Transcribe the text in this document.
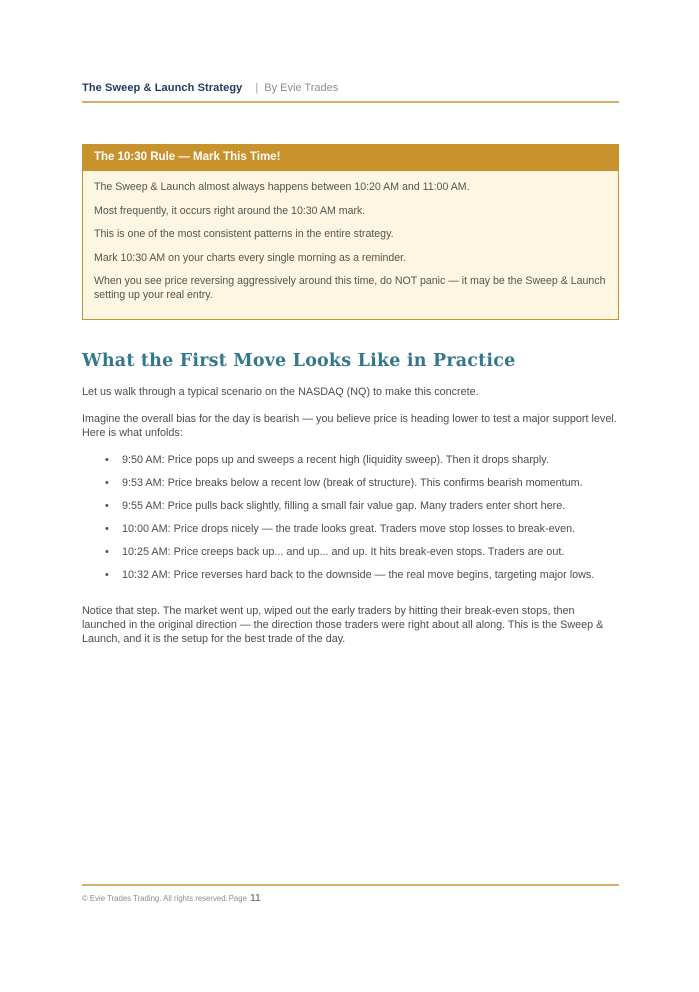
The Sweep & Launch Strategy | By Evie Trades
The 10:30 Rule — Mark This Time!

The Sweep & Launch almost always happens between 10:20 AM and 11:00 AM.

Most frequently, it occurs right around the 10:30 AM mark.

This is one of the most consistent patterns in the entire strategy.

Mark 10:30 AM on your charts every single morning as a reminder.

When you see price reversing aggressively around this time, do NOT panic — it may be the Sweep & Launch setting up your real entry.

What the First Move Looks Like in Practice

Let us walk through a typical scenario on the NASDAQ (NQ) to make this concrete.

Imagine the overall bias for the day is bearish — you believe price is heading lower to test a major support level. Here is what unfolds:

•	9:50 AM: Price pops up and sweeps a recent high (liquidity sweep). Then it drops sharply.
•	9:53 AM: Price breaks below a recent low (break of structure). This confirms bearish momentum.
•	9:55 AM: Price pulls back slightly, filling a small fair value gap. Many traders enter short here.
•	10:00 AM: Price drops nicely — the trade looks great. Traders move stop losses to break-even.
•	10:25 AM: Price creeps back up... and up... and up. It hits break-even stops. Traders are out.
•	10:32 AM: Price reverses hard back to the downside — the real move begins, targeting major lows.

Notice that step. The market went up, wiped out the early traders by hitting their break-even stops, then launched in the original direction — the direction those traders were right about all along. This is the Sweep & Launch, and it is the setup for the best trade of the day.

© Evie Trades Trading. All rights reserved. Page 11
